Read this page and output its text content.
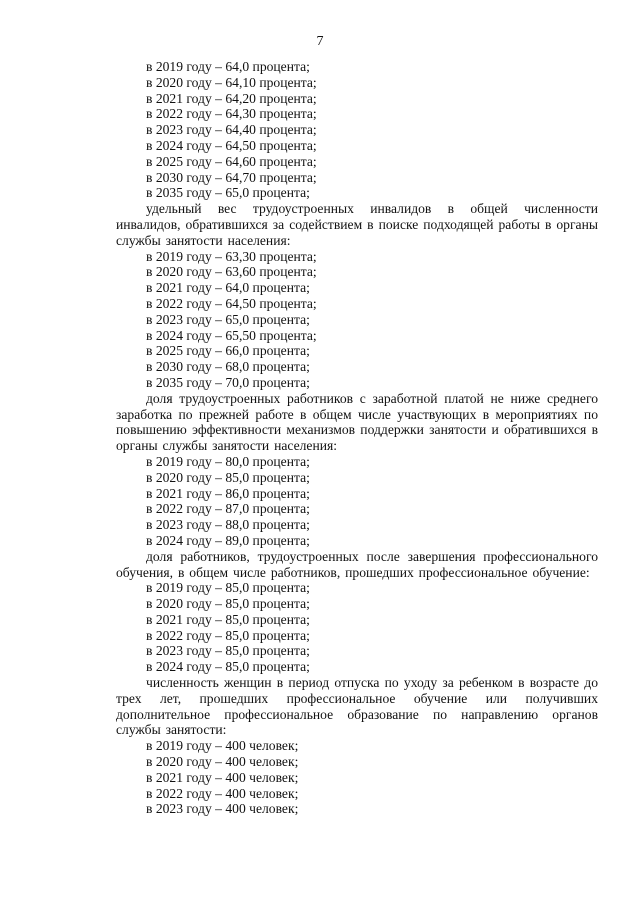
7

в 2019 году – 64,0 процента;

в 2020 году – 64,10 процента;

в 2021 году – 64,20 процента;

в 2022 году – 64,30 процента;

в 2023 году – 64,40 процента;

в 2024 году – 64,50 процента;

в 2025 году – 64,60 процента;

в 2030 году – 64,70 процента;

в 2035 году – 65,0 процента;

удельный вес трудоустроенных инвалидов в общей численности инвалидов, обратившихся за содействием в поиске подходящей работы в органы службы занятости населения:

в 2019 году – 63,30 процента;

в 2020 году – 63,60 процента;

в 2021 году – 64,0 процента;

в 2022 году – 64,50 процента;

в 2023 году – 65,0 процента;

в 2024 году – 65,50 процента;

в 2025 году – 66,0 процента;

в 2030 году – 68,0 процента;

в 2035 году – 70,0 процента;

доля трудоустроенных работников с заработной платой не ниже среднего заработка по прежней работе в общем числе участвующих в мероприятиях по повышению эффективности механизмов поддержки занятости и обратившихся в органы службы занятости населения:

в 2019 году – 80,0 процента;

в 2020 году – 85,0 процента;

в 2021 году – 86,0 процента;

в 2022 году – 87,0 процента;

в 2023 году – 88,0 процента;

в 2024 году – 89,0 процента;

доля работников, трудоустроенных после завершения профессионального обучения, в общем числе работников, прошедших профессиональное обучение:

в 2019 году – 85,0 процента;

в 2020 году – 85,0 процента;

в 2021 году – 85,0 процента;

в 2022 году – 85,0 процента;

в 2023 году – 85,0 процента;

в 2024 году – 85,0 процента;

численность женщин в период отпуска по уходу за ребенком в возрасте до трех лет, прошедших профессиональное обучение или получивших дополнительное профессиональное образование по направлению органов службы занятости:

в 2019 году – 400 человек;

в 2020 году – 400 человек;

в 2021 году – 400 человек;

в 2022 году – 400 человек;

в 2023 году – 400 человек;
